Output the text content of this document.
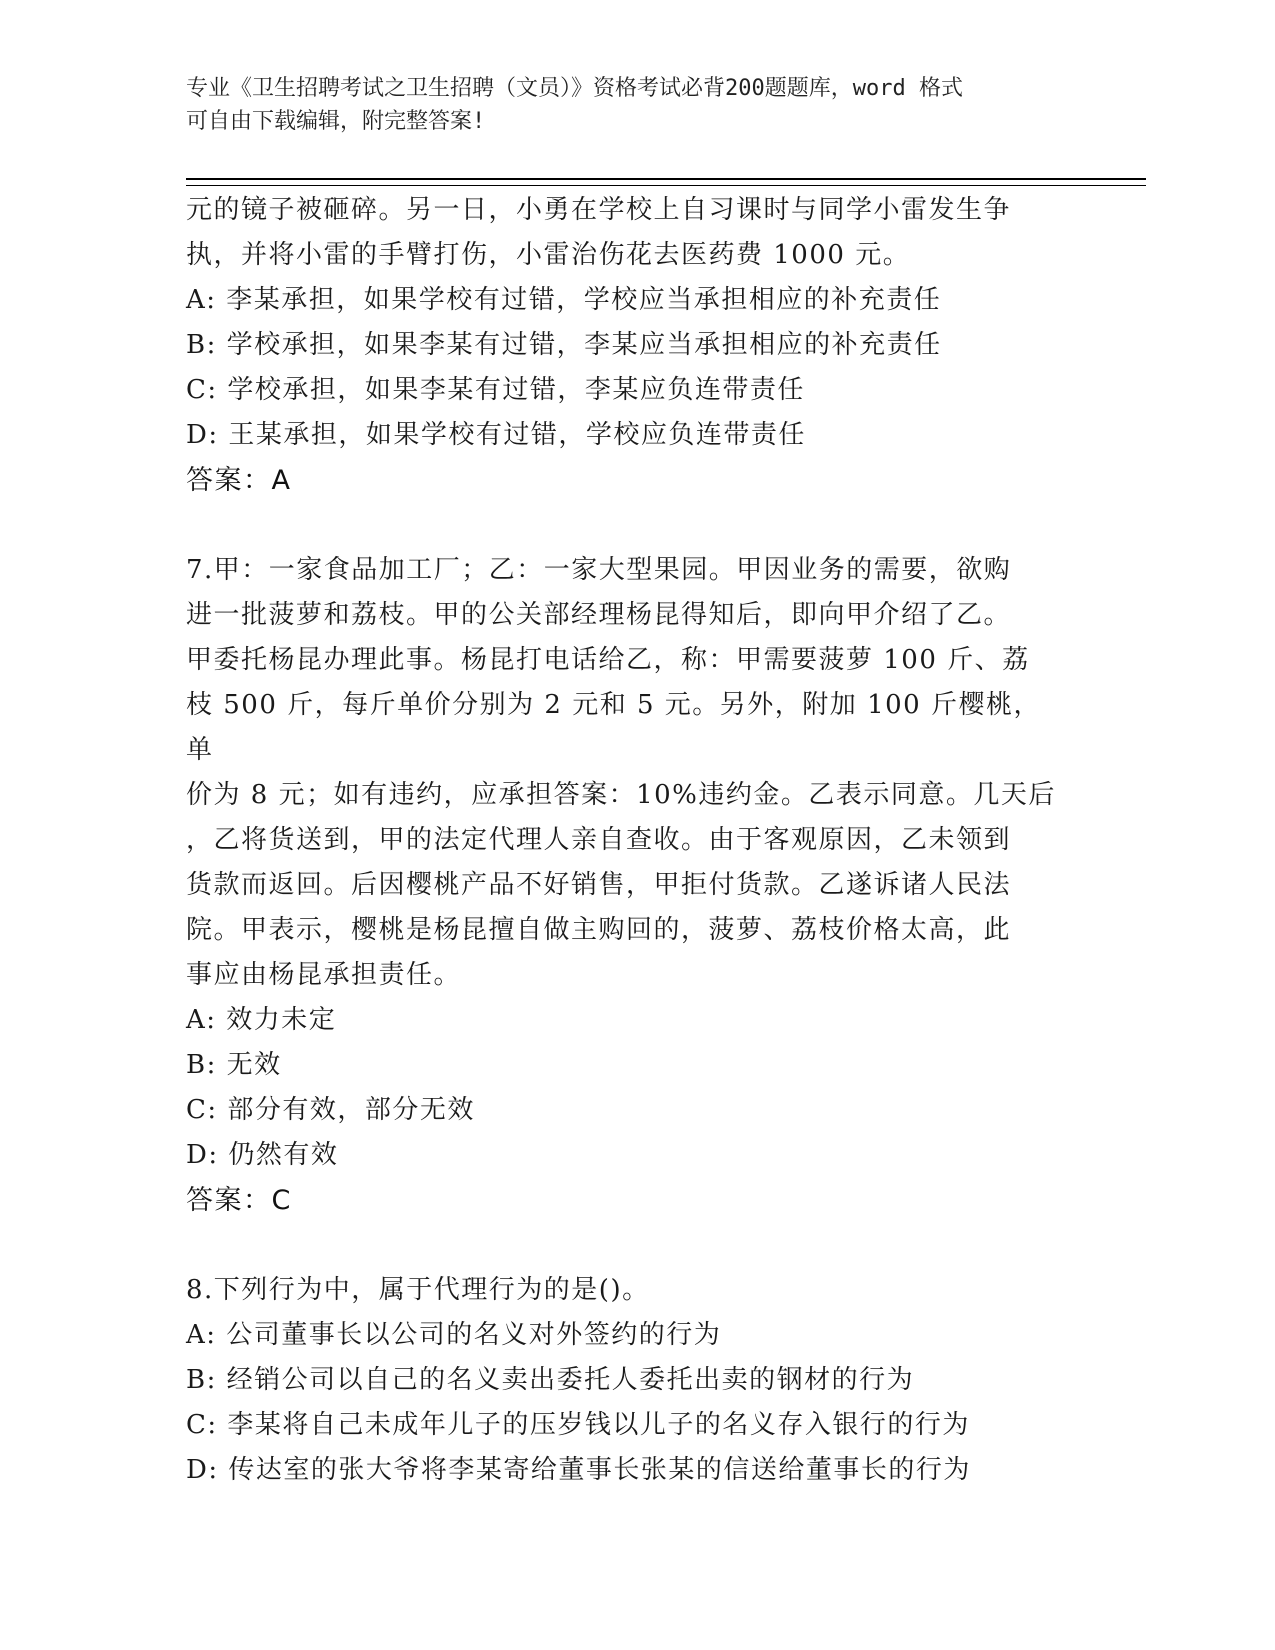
专业《卫生招聘考试之卫生招聘（文员）》资格考试必背200题题库，word 格式
可自由下载编辑，附完整答案!

元的镜子被砸碎。另一日，小勇在学校上自习课时与同学小雷发生争

执，并将小雷的手臂打伤，小雷治伤花去医药费 1000 元。

A: 李某承担，如果学校有过错，学校应当承担相应的补充责任

B: 学校承担，如果李某有过错，李某应当承担相应的补充责任

C: 学校承担，如果李某有过错，李某应负连带责任

D: 王某承担，如果学校有过错，学校应负连带责任

答案：A

7.甲：一家食品加工厂；乙：一家大型果园。甲因业务的需要，欲购

进一批菠萝和荔枝。甲的公关部经理杨昆得知后，即向甲介绍了乙。

甲委托杨昆办理此事。杨昆打电话给乙，称：甲需要菠萝 100 斤、荔

枝 500 斤，每斤单价分别为 2 元和 5 元。另外，附加 100 斤樱桃，单

价为 8 元；如有违约，应承担答案：10%违约金。乙表示同意。几天后

，乙将货送到，甲的法定代理人亲自查收。由于客观原因，乙未领到

货款而返回。后因樱桃产品不好销售，甲拒付货款。乙遂诉诸人民法

院。甲表示，樱桃是杨昆擅自做主购回的，菠萝、荔枝价格太高，此

事应由杨昆承担责任。

A: 效力未定

B: 无效

C: 部分有效，部分无效

D: 仍然有效

答案：C

8.下列行为中，属于代理行为的是()。

A: 公司董事长以公司的名义对外签约的行为

B: 经销公司以自己的名义卖出委托人委托出卖的钢材的行为

C: 李某将自己未成年儿子的压岁钱以儿子的名义存入银行的行为

D: 传达室的张大爷将李某寄给董事长张某的信送给董事长的行为
